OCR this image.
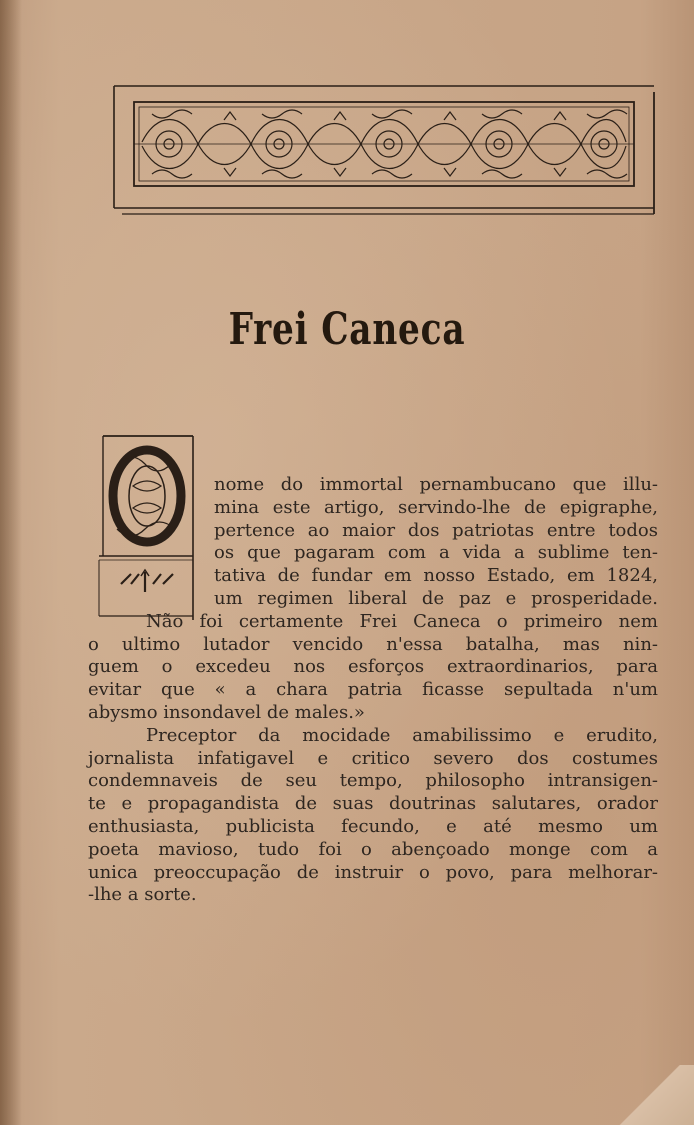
Frei Caneca
nome do immortal pernambucano que illu-
mina este artigo, servindo-lhe de epigraphe,
pertence ao maior dos patriotas entre todos
os que pagaram com a vida a sublime ten-
tativa de fundar em nosso Estado, em 1824,
um regimen liberal de paz e prosperidade.
Não foi certamente Frei Caneca o primeiro nem
o ultimo lutador vencido n'essa batalha, mas nin-
guem o excedeu nos esforços extraordinarios, para
evitar que « a chara patria ficasse sepultada n'um
abysmo insondavel de males.»
Preceptor da mocidade amabilissimo e erudito,
jornalista infatigavel e critico severo dos costumes
condemnaveis de seu tempo, philosopho intransigen-
te e propagandista de suas doutrinas salutares, orador
enthusiasta, publicista fecundo, e até mesmo um
poeta mavioso, tudo foi o abençoado monge com a
unica preoccupação de instruir o povo, para melhorar-
-lhe a sorte.
